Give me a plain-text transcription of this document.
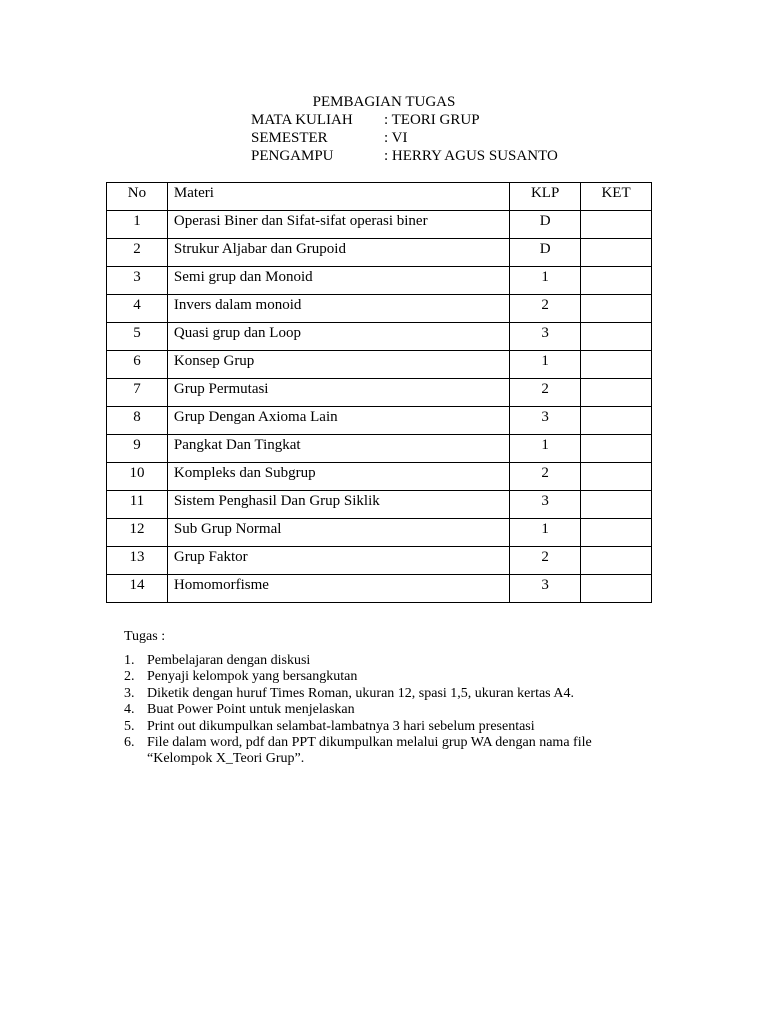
PEMBAGIAN TUGAS
MATA KULIAH : TEORI GRUP
SEMESTER	: VI
PENGAMPU	: HERRY AGUS SUSANTO
No	Materi	KLP	KET
1	Operasi Biner dan Sifat-sifat operasi biner	D	
2	Strukur Aljabar dan Grupoid	D	
3	Semi grup dan Monoid	1	
4	Invers dalam monoid	2	
5	Quasi grup dan Loop	3	
6	Konsep Grup	1	
7	Grup Permutasi	2	
8	Grup Dengan Axioma Lain	3	
9	Pangkat Dan Tingkat	1	
10	Kompleks dan Subgrup	2	
11	Sistem Penghasil Dan Grup Siklik	3	
12	Sub Grup Normal	1	
13	Grup Faktor	2	
14	Homomorfisme	3	
Tugas :
1. Pembelajaran dengan diskusi
2. Penyaji kelompok yang bersangkutan
3. Diketik dengan huruf Times Roman, ukuran 12, spasi 1,5, ukuran kertas A4.
4. Buat Power Point untuk menjelaskan
5. Print out dikumpulkan selambat-lambatnya 3 hari sebelum presentasi
6. File dalam word, pdf dan PPT dikumpulkan melalui grup WA dengan nama file “Kelompok X_Teori Grup”.
